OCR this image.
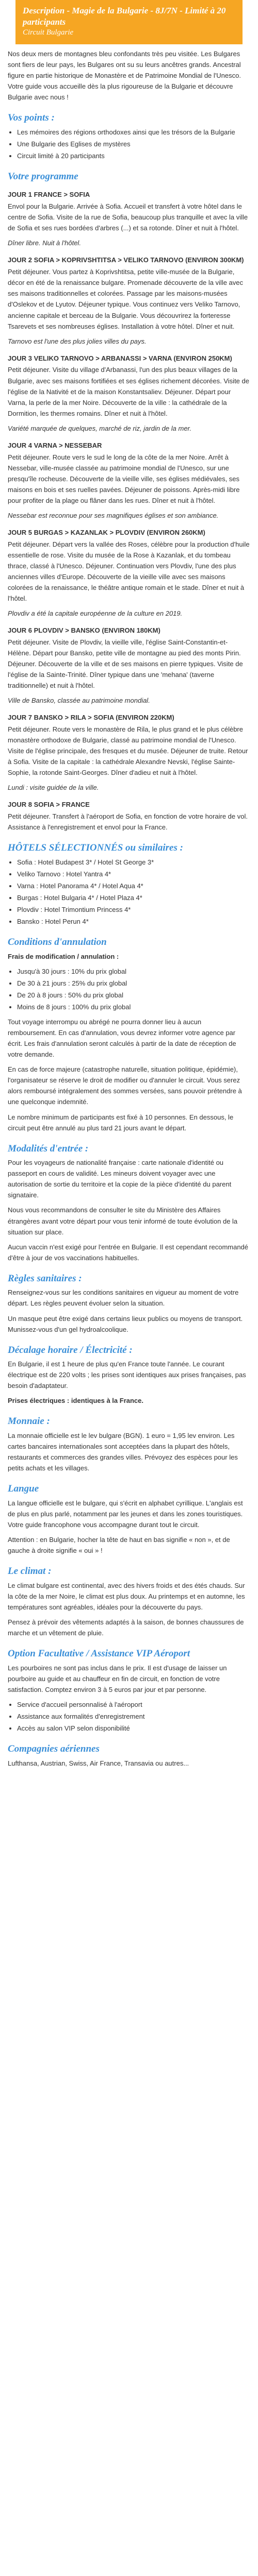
Description - Magie de la Bulgarie - 8J/7N - Limité à 20 participants
Circuit Bulgarie

Nos deux mers de montagnes bleu confondants très peu visitée. Les Bulgares sont fiers de leur pays, les Bulgares ont su su leurs ancêtres grands. Ancestral figure en partie historique de Monastère et de Patrimoine Mondial de l'Unesco. Votre guide vous accueille dès la plus rigoureuse de la Bulgarie et découvre Bulgarie avec nous !

Vos points :
• Les mémoires des régions orthodoxes ainsi que les trésors de la Bulgarie
• Une Bulgarie des Eglises de mystères
• Circuit limité à 20 participants
Votre programme
JOUR 1 FRANCE > SOFIA

Envol pour la Bulgarie. Arrivée à Sofia. Accueil et transfert à votre hôtel dans le centre de Sofia. Visite de la rue de Sofia, beaucoup plus tranquille et avec la ville de Sofia et ses rues bordées d'arbres (...) et sa rotonde. Dîner et nuit à l'hôtel.

Dîner libre. Nuit à l'hôtel.

JOUR 2 SOFIA > KOPRIVSHTITSA > VELIKO TARNOVO (ENVIRON 300KM)

Petit déjeuner. Vous partez à Koprivshtitsa, petite ville-musée de la Bulgarie, décor en été de la renaissance bulgare. Promenade découverte de la ville avec ses maisons traditionnelles et colorées. Passage par les maisons-musées d'Oslekov et de Lyutov. Déjeuner typique. Vous continuez vers Veliko Tarnovo, ancienne capitale et berceau de la Bulgarie. Vous découvrirez la forteresse Tsarevets et ses nombreuses églises. Installation à votre hôtel. Dîner et nuit.

Tarnovo est l'une des plus jolies villes du pays.

JOUR 3 VELIKO TARNOVO > ARBANASSI > VARNA (ENVIRON 250KM)

Petit déjeuner. Visite du village d'Arbanassi, l'un des plus beaux villages de la Bulgarie, avec ses maisons fortifiées et ses églises richement décorées. Visite de l'église de la Nativité et de la maison Konstantsaliev. Déjeuner. Départ pour Varna, la perle de la mer Noire. Découverte de la ville : la cathédrale de la Dormition, les thermes romains. Dîner et nuit à l'hôtel.

Variété marquée de quelques, marché de riz, jardin de la mer.

JOUR 4 VARNA > NESSEBAR

Petit déjeuner. Route vers le sud le long de la côte de la mer Noire. Arrêt à Nessebar, ville-musée classée au patrimoine mondial de l'Unesco, sur une presqu'île rocheuse. Découverte de la vieille ville, ses églises médiévales, ses maisons en bois et ses ruelles pavées. Déjeuner de poissons. Après-midi libre pour profiter de la plage ou flâner dans les rues. Dîner et nuit à l'hôtel.

Nessebar est reconnue pour ses magnifiques églises et son ambiance.

JOUR 5 BURGAS > KAZANLAK > PLOVDIV (ENVIRON 260KM)

Petit déjeuner. Départ vers la vallée des Roses, célèbre pour la production d'huile essentielle de rose. Visite du musée de la Rose à Kazanlak, et du tombeau thrace, classé à l'Unesco. Déjeuner. Continuation vers Plovdiv, l'une des plus anciennes villes d'Europe. Découverte de la vieille ville avec ses maisons colorées de la renaissance, le théâtre antique romain et le stade. Dîner et nuit à l'hôtel.

Plovdiv a été la capitale européenne de la culture en 2019.

JOUR 6 PLOVDIV > BANSKO (ENVIRON 180KM)

Petit déjeuner. Visite de Plovdiv, la vieille ville, l'église Saint-Constantin-et-Hélène. Départ pour Bansko, petite ville de montagne au pied des monts Pirin. Déjeuner. Découverte de la ville et de ses maisons en pierre typiques. Visite de l'église de la Sainte-Trinité. Dîner typique dans une 'mehana' (taverne traditionnelle) et nuit à l'hôtel.

Ville de Bansko, classée au patrimoine mondial.

JOUR 7 BANSKO > RILA > SOFIA (ENVIRON 220KM)

Petit déjeuner. Route vers le monastère de Rila, le plus grand et le plus célèbre monastère orthodoxe de Bulgarie, classé au patrimoine mondial de l'Unesco. Visite de l'église principale, des fresques et du musée. Déjeuner de truite. Retour à Sofia. Visite de la capitale : la cathédrale Alexandre Nevski, l'église Sainte-Sophie, la rotonde Saint-Georges. Dîner d'adieu et nuit à l'hôtel.

Lundi : visite guidée de la ville.

JOUR 8 SOFIA > FRANCE

Petit déjeuner. Transfert à l'aéroport de Sofia, en fonction de votre horaire de vol. Assistance à l'enregistrement et envol pour la France.

HÔTELS SÉLECTIONNÉS ou similaires :
• Sofia : Hotel Budapest 3* / Hotel St George 3*
• Veliko Tarnovo : Hotel Yantra 4*
• Varna : Hotel Panorama 4* / Hotel Aqua 4*
• Burgas : Hotel Bulgaria 4* / Hotel Plaza 4*
• Plovdiv : Hotel Trimontium Princess 4*
• Bansko : Hotel Perun 4*
Conditions d'annulation

Frais de modification / annulation :

• Jusqu'à 30 jours : 10% du prix global
• De 30 à 21 jours : 25% du prix global
• De 20 à 8 jours : 50% du prix global
• Moins de 8 jours : 100% du prix global

Tout voyage interrompu ou abrégé ne pourra donner lieu à aucun remboursement. En cas d'annulation, vous devrez informer votre agence par écrit. Les frais d'annulation seront calculés à partir de la date de réception de votre demande.

En cas de force majeure (catastrophe naturelle, situation politique, épidémie), l'organisateur se réserve le droit de modifier ou d'annuler le circuit. Vous serez alors remboursé intégralement des sommes versées, sans pouvoir prétendre à une quelconque indemnité.

Le nombre minimum de participants est fixé à 10 personnes. En dessous, le circuit peut être annulé au plus tard 21 jours avant le départ.

Modalités d'entrée :

Pour les voyageurs de nationalité française : carte nationale d'identité ou passeport en cours de validité. Les mineurs doivent voyager avec une autorisation de sortie du territoire et la copie de la pièce d'identité du parent signataire.

Nous vous recommandons de consulter le site du Ministère des Affaires étrangères avant votre départ pour vous tenir informé de toute évolution de la situation sur place.

Aucun vaccin n'est exigé pour l'entrée en Bulgarie. Il est cependant recommandé d'être à jour de vos vaccinations habituelles.

Règles sanitaires :

Renseignez-vous sur les conditions sanitaires en vigueur au moment de votre départ. Les règles peuvent évoluer selon la situation.

Un masque peut être exigé dans certains lieux publics ou moyens de transport. Munissez-vous d'un gel hydroalcoolique.

Décalage horaire / Électricité :

En Bulgarie, il est 1 heure de plus qu'en France toute l'année. Le courant électrique est de 220 volts ; les prises sont identiques aux prises françaises, pas besoin d'adaptateur.

Prises électriques : identiques à la France.

Monnaie :

La monnaie officielle est le lev bulgare (BGN). 1 euro = 1,95 lev environ. Les cartes bancaires internationales sont acceptées dans la plupart des hôtels, restaurants et commerces des grandes villes. Prévoyez des espèces pour les petits achats et les villages.

Langue

La langue officielle est le bulgare, qui s'écrit en alphabet cyrillique. L'anglais est de plus en plus parlé, notamment par les jeunes et dans les zones touristiques. Votre guide francophone vous accompagne durant tout le circuit.

Attention : en Bulgarie, hocher la tête de haut en bas signifie « non », et de gauche à droite signifie « oui » !

Le climat :

Le climat bulgare est continental, avec des hivers froids et des étés chauds. Sur la côte de la mer Noire, le climat est plus doux. Au printemps et en automne, les températures sont agréables, idéales pour la découverte du pays.

Pensez à prévoir des vêtements adaptés à la saison, de bonnes chaussures de marche et un vêtement de pluie.

Option Facultative / Assistance VIP Aéroport

Les pourboires ne sont pas inclus dans le prix. Il est d'usage de laisser un pourboire au guide et au chauffeur en fin de circuit, en fonction de votre satisfaction. Comptez environ 3 à 5 euros par jour et par personne.

• Service d'accueil personnalisé à l'aéroport
• Assistance aux formalités d'enregistrement
• Accès au salon VIP selon disponibilité
Compagnies aériennes

Lufthansa, Austrian, Swiss, Air France, Transavia ou autres...
